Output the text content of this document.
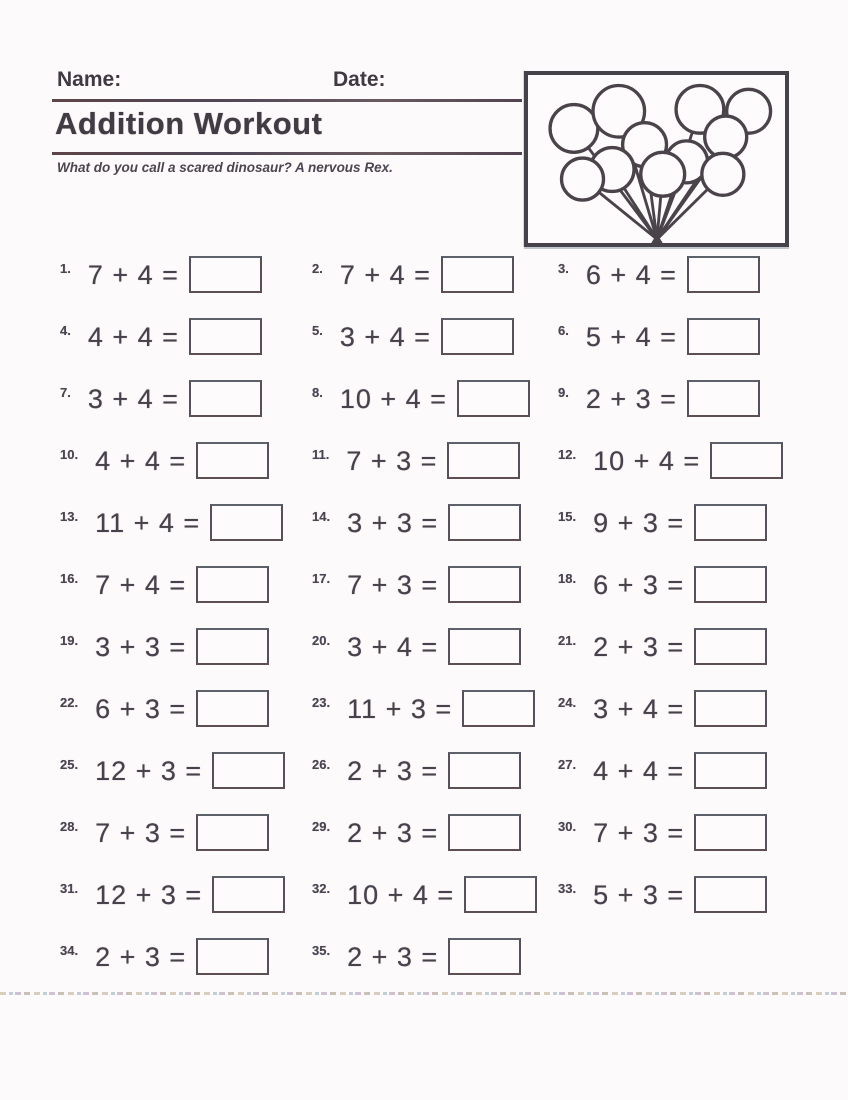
Name:	Date:
Addition Workout
What do you call a scared dinosaur? A nervous Rex.
1. 7 + 4 =	2. 7 + 4 =	3. 6 + 4 =
4. 4 + 4 =	5. 3 + 4 =	6. 5 + 4 =
7. 3 + 4 =	8. 10 + 4 =	9. 2 + 3 =
10. 4 + 4 =	11. 7 + 3 =	12. 10 + 4 =
13. 11 + 4 =	14. 3 + 3 =	15. 9 + 3 =
16. 7 + 4 =	17. 7 + 3 =	18. 6 + 3 =
19. 3 + 3 =	20. 3 + 4 =	21. 2 + 3 =
22. 6 + 3 =	23. 11 + 3 =	24. 3 + 4 =
25. 12 + 3 =	26. 2 + 3 =	27. 4 + 4 =
28. 7 + 3 =	29. 2 + 3 =	30. 7 + 3 =
31. 12 + 3 =	32. 10 + 4 =	33. 5 + 3 =
34. 2 + 3 =	35. 2 + 3 =
